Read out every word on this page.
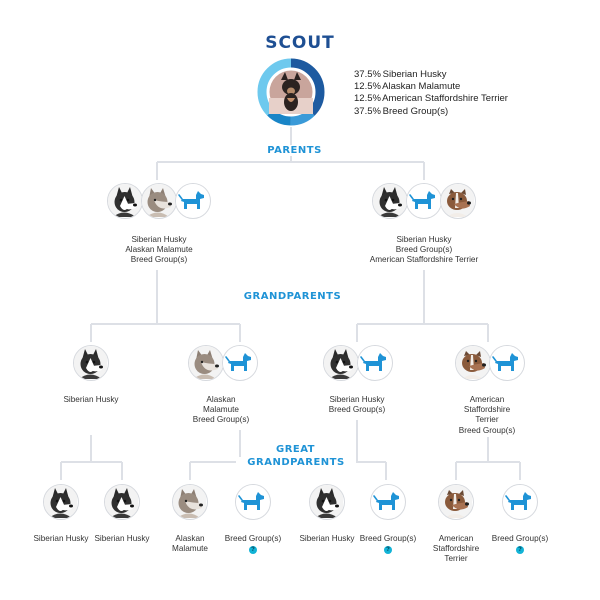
SCOUT
37.5% Siberian Husky
12.5% Alaskan Malamute
12.5% American Staffordshire Terrier
37.5% Breed Group(s)
PARENTS
GRANDPARENTS
GREAT
GRANDPARENTS
Siberian Husky
Alaskan Malamute
Breed Group(s)
Siberian Husky
Breed Group(s)
American Staffordshire Terrier
Siberian Husky	Alaskan
Malamute
Breed Group(s)
Siberian Husky
Breed Group(s)
American
Staffordshire
Terrier
Breed Group(s)
Siberian Husky Siberian Husky	Alaskan
Malamute
Breed Group(s)
?
Siberian Husky Breed Group(s)
?
American
Staffordshire
Terrier
Breed Group(s)
?
